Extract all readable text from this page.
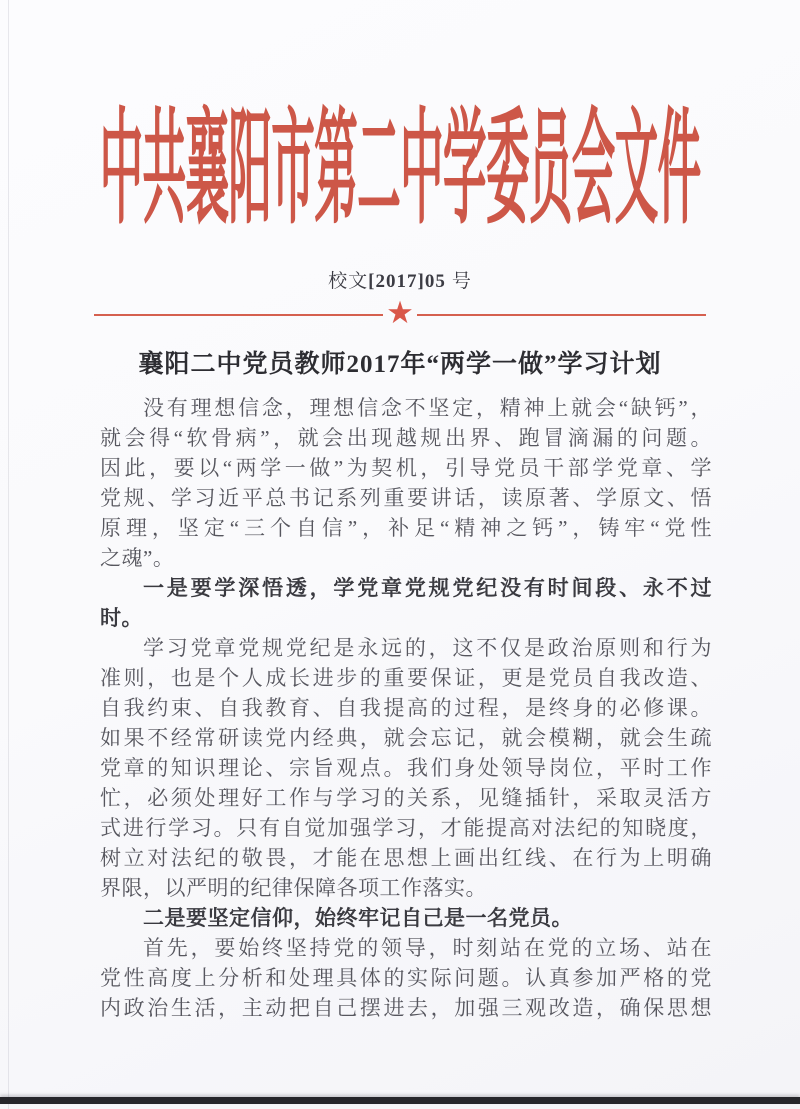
中共襄阳市第二中学委员会文件
校文[2017]05 号
★
襄阳二中党员教师2017年“两学一做”学习计划
没有理想信念，理想信念不坚定，精神上就会“缺钙”，
就会得“软骨病”，就会出现越规出界、跑冒滴漏的问题。
因此，要以“两学一做”为契机，引导党员干部学党章、学
党规、学习近平总书记系列重要讲话，读原著、学原文、悟
原理，坚定“三个自信”，补足“精神之钙”，铸牢“党性
之魂”。
一是要学深悟透，学党章党规党纪没有时间段、永不过
时。
学习党章党规党纪是永远的，这不仅是政治原则和行为
准则，也是个人成长进步的重要保证，更是党员自我改造、
自我约束、自我教育、自我提高的过程，是终身的必修课。
如果不经常研读党内经典，就会忘记，就会模糊，就会生疏
党章的知识理论、宗旨观点。我们身处领导岗位，平时工作
忙，必须处理好工作与学习的关系，见缝插针，采取灵活方
式进行学习。只有自觉加强学习，才能提高对法纪的知晓度，
树立对法纪的敬畏，才能在思想上画出红线、在行为上明确
界限，以严明的纪律保障各项工作落实。
二是要坚定信仰，始终牢记自己是一名党员。
首先，要始终坚持党的领导，时刻站在党的立场、站在
党性高度上分析和处理具体的实际问题。认真参加严格的党
内政治生活，主动把自己摆进去，加强三观改造，确保思想
